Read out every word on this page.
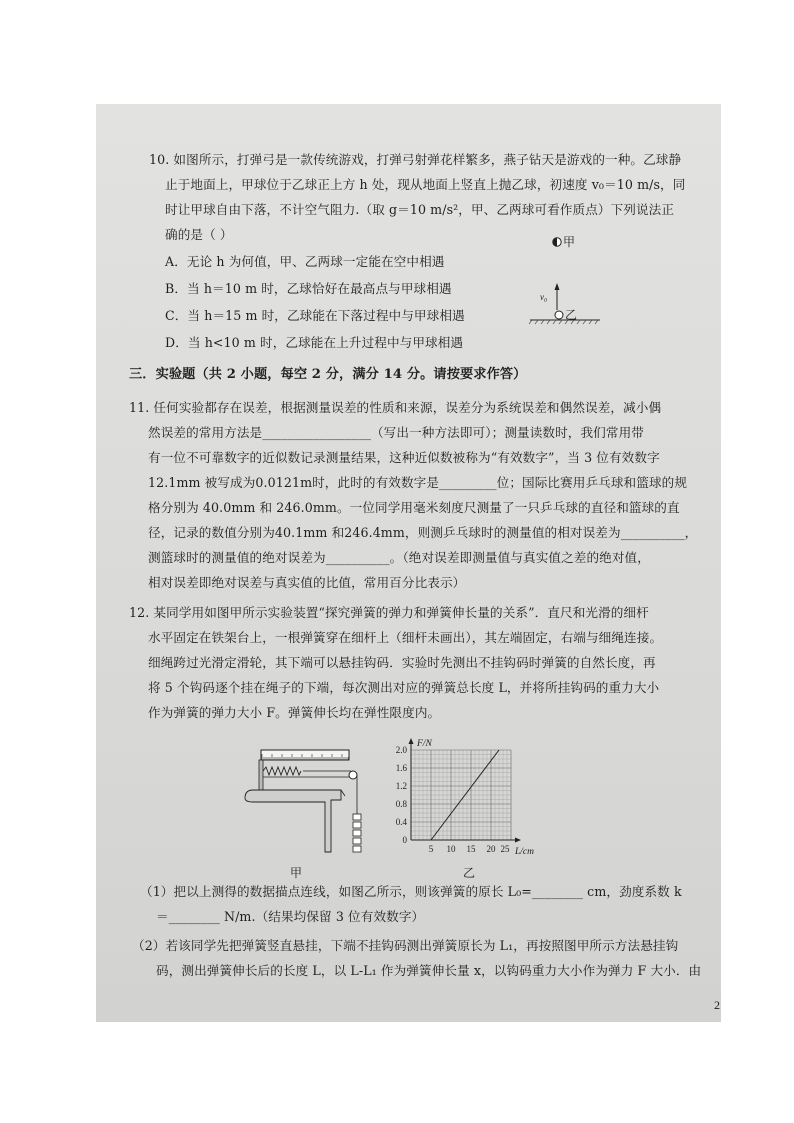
10. 如图所示，打弹弓是一款传统游戏，打弹弓射弹花样繁多，燕子钻天是游戏的一种。乙球静
止于地面上，甲球位于乙球正上方 h 处，现从地面上竖直上抛乙球，初速度 v₀＝10 m/s，同
时让甲球自由下落，不计空气阻力.（取 g＝10 m/s²，甲、乙两球可看作质点）下列说法正
确的是（ ）
A．无论 h 为何值，甲、乙两球一定能在空中相遇
B．当 h＝10 m 时，乙球恰好在最高点与甲球相遇
C．当 h＝15 m 时，乙球能在下落过程中与甲球相遇
D．当 h<10 m 时，乙球能在上升过程中与甲球相遇
甲
v₀
乙
三．实验题（共 2 小题，每空 2 分，满分 14 分。请按要求作答）
11. 任何实验都存在误差，根据测量误差的性质和来源，误差分为系统误差和偶然误差，减小偶
然误差的常用方法是_________________（写出一种方法即可）；测量读数时，我们常用带
有一位不可靠数字的近似数记录测量结果，这种近似数被称为“有效数字”，当 3 位有效数字
12.1mm 被写成为0.0121m时，此时的有效数字是_________位；国际比赛用乒乓球和篮球的规
格分别为 40.0mm 和 246.0mm。一位同学用毫米刻度尺测量了一只乒乓球的直径和篮球的直
径，记录的数值分别为40.1mm 和246.4mm，则测乒乓球时的测量值的相对误差为__________，
测篮球时的测量值的绝对误差为__________。（绝对误差即测量值与真实值之差的绝对值，
相对误差即绝对误差与真实值的比值，常用百分比表示）
12. 某同学用如图甲所示实验装置“探究弹簧的弹力和弹簧伸长量的关系”．直尺和光滑的细杆
水平固定在铁架台上，一根弹簧穿在细杆上（细杆未画出），其左端固定，右端与细绳连接。
细绳跨过光滑定滑轮，其下端可以悬挂钩码．实验时先测出不挂钩码时弹簧的自然长度，再
将 5 个钩码逐个挂在绳子的下端，每次测出对应的弹簧总长度 L，并将所挂钩码的重力大小
作为弹簧的弹力大小 F。弹簧伸长均在弹性限度内。
甲
F/N
L/cm
2.0
1.6
1.2
0.8
0.4
0
5 10 15 20 25
乙
（1）把以上测得的数据描点连线，如图乙所示，则该弹簧的原长 L₀=________ cm，劲度系数 k
＝________ N/m.（结果均保留 3 位有效数字）
（2）若该同学先把弹簧竖直悬挂，下端不挂钩码测出弹簧原长为 L₁，再按照图甲所示方法悬挂钩
码，测出弹簧伸长后的长度 L，以 L-L₁ 作为弹簧伸长量 x，以钩码重力大小作为弹力 F 大小．由
2
